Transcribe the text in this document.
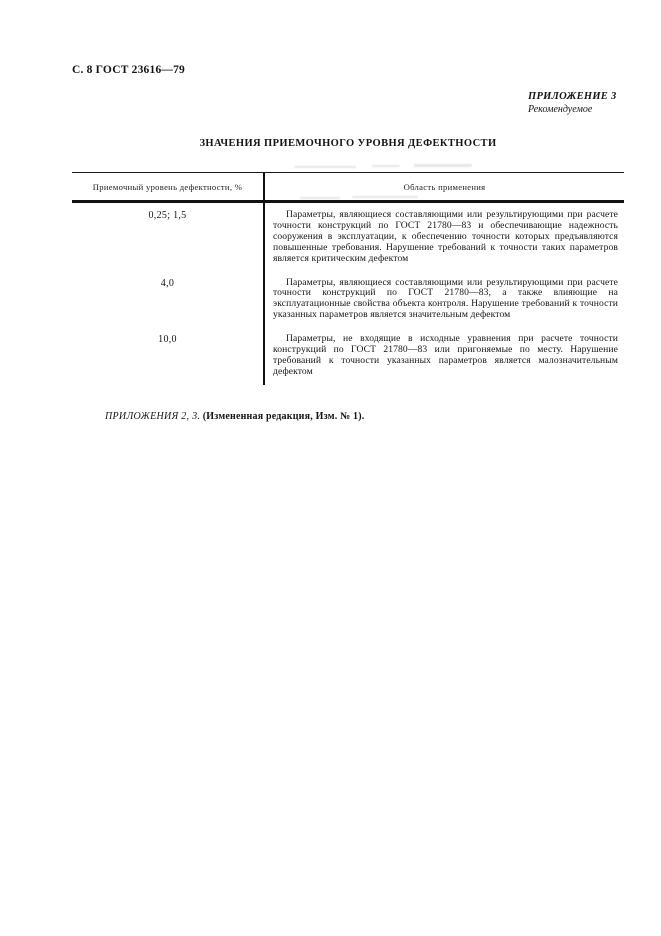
С. 8 ГОСТ 23616—79
ПРИЛОЖЕНИЕ 3
Рекомендуемое
ЗНАЧЕНИЯ ПРИЕМОЧНОГО УРОВНЯ ДЕФЕКТНОСТИ
Приемочный уровень дефектности, %	Область применения
0,25; 1,5	Параметры, являющиеся составляющими или результирующими при расчете точности конструкций по ГОСТ 21780—83 и обеспечивающие надежность сооружения в эксплуатации, к обеспечению точности которых предъявляются повышенные требования. Нарушение требований к точности таких параметров является критическим дефектом

4,0	Параметры, являющиеся составляющими или результирующими при расчете точности конструкций по ГОСТ 21780—83, а также влияющие на эксплуатационные свойства объекта контроля. Нарушение требований к точности указанных параметров является значительным дефектом

10,0	Параметры, не входящие в исходные уравнения при расчете точности конструкций по ГОСТ 21780—83 или пригоняемые по месту. Нарушение требований к точности указанных параметров является малозначительным дефектом

ПРИЛОЖЕНИЯ 2, 3. (Измененная редакция, Изм. № 1).
